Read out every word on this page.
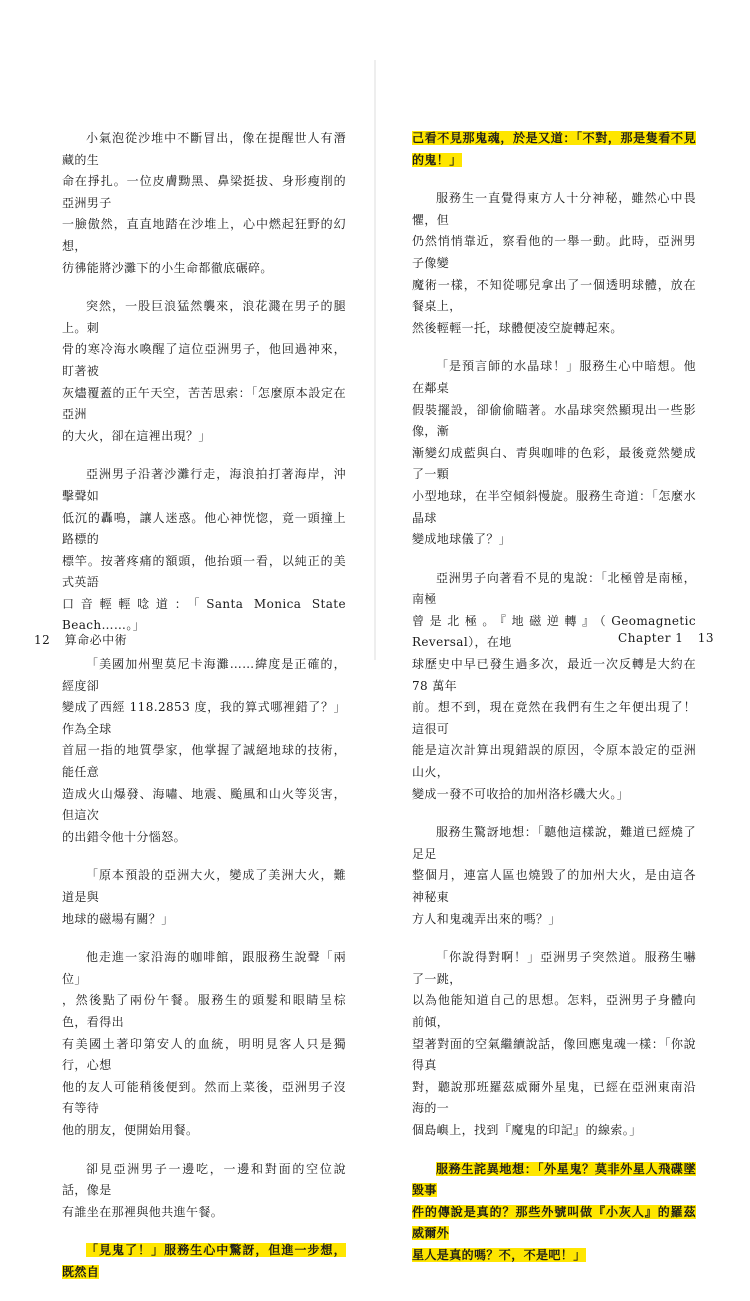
小氣泡從沙堆中不斷冒出，像在提醒世人有潛藏的生
命在掙扎。一位皮膚黝黑、鼻梁挺拔、身形瘦削的亞洲男子
一臉傲然，直直地踏在沙堆上，心中燃起狂野的幻想，
彷彿能將沙灘下的小生命都徹底碾碎。

突然，一股巨浪猛然襲來，浪花濺在男子的腿上。刺
骨的寒冷海水喚醒了這位亞洲男子，他回過神來，盯著被
灰燼覆蓋的正午天空，苦苦思索：「怎麼原本設定在亞洲
的大火，卻在這裡出現？」

亞洲男子沿著沙灘行走，海浪拍打著海岸，沖擊聲如
低沉的轟鳴，讓人迷惑。他心神恍惚，竟一頭撞上路標的
標竿。按著疼痛的額頭，他抬頭一看，以純正的美式英語
口音輕輕唸道：「Santa Monica State Beach……。」

「美國加州聖莫尼卡海灘……緯度是正確的，經度卻
變成了西經 118.2853 度，我的算式哪裡錯了？」作為全球
首屈一指的地質學家，他掌握了誠絕地球的技術，能任意
造成火山爆發、海嘯、地震、颱風和山火等災害，但這次
的出錯令他十分惱怒。

「原本預設的亞洲大火，變成了美洲大火，難道是與
地球的磁場有關？」

他走進一家沿海的咖啡館，跟服務生說聲「兩位」
，然後點了兩份午餐。服務生的頭髮和眼睛呈棕色，看得出
有美國土著印第安人的血統，明明見客人只是獨行，心想
他的友人可能稍後便到。然而上菜後，亞洲男子沒有等待
他的朋友，便開始用餐。

卻見亞洲男子一邊吃，一邊和對面的空位說話，像是
有誰坐在那裡與他共進午餐。

「見鬼了！」服務生心中驚訝，但進一步想，既然自

己看不見那鬼魂，於是又道：「不對，那是隻看不見的鬼！」

服務生一直覺得東方人十分神秘，雖然心中畏懼，但
仍然悄悄靠近，察看他的一舉一動。此時，亞洲男子像變
魔術一樣，不知從哪兒拿出了一個透明球體，放在餐桌上，
然後輕輕一托，球體便凌空旋轉起來。

「是預言師的水晶球！」服務生心中暗想。他在鄰桌
假裝擺設，卻偷偷瞄著。水晶球突然顯現出一些影像，漸
漸變幻成藍與白、青與咖啡的色彩，最後竟然變成了一顆
小型地球，在半空傾斜慢旋。服務生奇道：「怎麼水晶球
變成地球儀了？」

亞洲男子向著看不見的鬼說：「北極曾是南極，南極
曾是北極。『地磁逆轉』（Geomagnetic Reversal），在地
球歷史中早已發生過多次，最近一次反轉是大約在 78 萬年
前。想不到，現在竟然在我們有生之年便出現了！這很可
能是這次計算出現錯誤的原因，令原本設定的亞洲山火，
變成一發不可收拾的加州洛杉磯大火。」

服務生驚訝地想：「聽他這樣說，難道已經燒了足足
整個月，連富人區也燒毀了的加州大火，是由這各神秘東
方人和鬼魂弄出來的嗎？」

「你說得對啊！」亞洲男子突然道。服務生嚇了一跳，
以為他能知道自己的思想。怎料，亞洲男子身體向前傾，
望著對面的空氣繼續說話，像回應鬼魂一樣：「你說得真
對，聽說那班羅茲威爾外星鬼，已經在亞洲東南沿海的一
個島嶼上，找到『魔鬼的印記』的線索。」

服務生詫異地想：「外星鬼？莫非外星人飛碟墜毀事
件的傳說是真的？那些外號叫做『小灰人』的羅茲威爾外
星人是真的嗎？不，不是吧！」

12 算命必中術	Chapter 1 13
